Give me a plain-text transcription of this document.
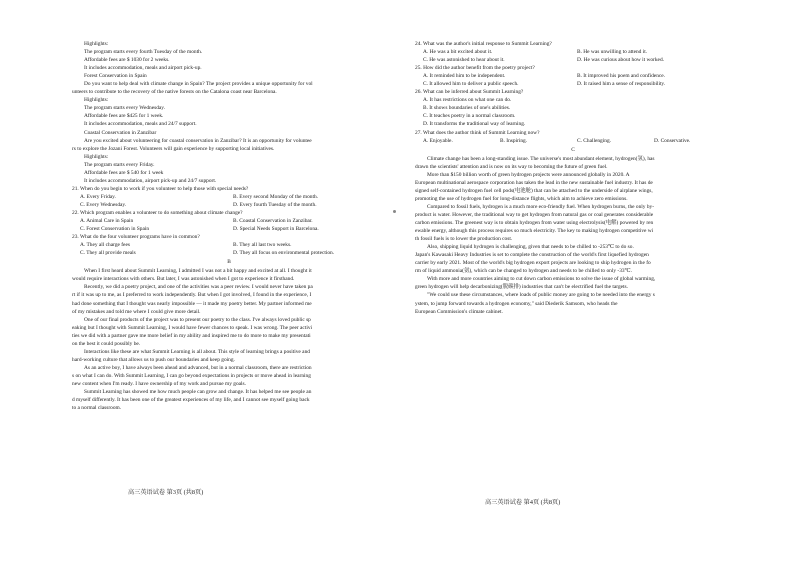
Highlights:
The program starts every fourth Tuesday of the month.
Affordable fees are $ 1030 for 2 weeks.
It includes accommodation, meals and airport pick-up.
Forest Conservation in Spain
Do you want to help deal with climate change in Spain? The project provides a unique opportunity for vol
unteers to contribute to the recovery of the native forests on the Catalona coast near Barcelona.
Highlights:
The program starts every Wednesday.
Affordable fees are $425 for 1 week.
It includes accommodation, meals and 24/7 support.
Coastal Conservation in Zanzibar
Are you excited about volunteering for coastal conservation in Zanzibar? It is an opportunity for voluntee
rs to explore the Jozani Forest. Volunteers will gain experience by supporting local initiatives.
Highlights:
The program starts every Friday.
Affordable fees are $ 540 for 1 week
It includes accommodation, airport pick-up and 24/7 support.
21. When do you begin to work if you volunteer to help those with special needs?
A. Every Friday.	B. Every second Monday of the month.
C. Every Wednesday.	D. Every fourth Tuesday of the month.
22. Which program enables a volunteer to do something about climate change?
A. Animal Care in Spain	B. Coastal Conservation in Zanzibar.
C. Forest Conservation in Spain	D. Special Needs Support in Barcelona.
23. What do the four volunteer programs have in common?
A. They all charge fees	B. They all last two weeks.
C. They all provide meals	D. They all focus on environmental protection.
B
When I first heard about Summit Learning, I admitted I was not a bit happy and excited at all. I thought it
would require interactions with others. But later, I was astonished when I got to experience it firsthand.
Recently, we did a poetry project, and one of the activities was a peer review. I would never have taken pa
rt if it was up to me, as I preferred to work independently. But when I got involved, I found in the experience, I
had done something that I thought was nearly impossible — it made my poetry better. My partner informed me
of my mistakes and told me where I could give more detail.
One of our final products of the project was to present our poetry to the class. I've always loved public sp
eaking but I thought with Summit Learning, I would have fewer chances to speak. I was wrong. The peer activi
ties we did with a partner gave me more belief in my ability and inspired me to do more to make my presentati
on the best it could possibly be.
Interactions like these are what Summit Learning is all about. This style of learning brings a positive and
hard-working culture that allows us to push our boundaries and keep going.
As an active boy, I have always been ahead and advanced, but in a normal classroom, there are restriction
s on what I can do. With Summit Learning, I can go beyond expectations in projects or move ahead in learning
new content when I'm ready. I have ownership of my work and pursue my goals.
Summit Learning has showed me how much people can grow and change. It has helped me see people an
d myself differently. It has been one of the greatest experiences of my life, and I cannot see myself going back
to a normal classroom.
高三英语试卷 第3页 (共8页)
24. What was the author's initial response to Summit Learning?
A. He was a bit excited about it.	B. He was unwilling to attend it.
C. He was astonished to hear about it.	D. He was curious about how it worked.
25. How did the author benefit from the poetry project?
A. It reminded him to be independent.	B. It improved his poem and confidence.
C. It allowed him to deliver a public speech.	D. It raised him a sense of responsibility.
26. What can be inferred about Summit Learning?
A. It has restrictions on what one can do.
B. It shows boundaries of one's abilities.
C. It teaches poetry in a normal classroom.
D. It transforms the traditional way of learning.
27. What does the author think of Summit Learning now?
A. Enjoyable.	B. Inspiring.	C. Challenging.	D. Conservative.
C
Climate change has been a long-standing issue. The universe's most abundant element, hydrogen(氢), has
drawn the scientists' attention and is now on its way to becoming the future of green fuel.
More than $150 billion worth of green hydrogen projects were announced globally in 2020. A
European multinational aerospace corporation has taken the lead in the new sustainable fuel industry. It has de
signed self-contained hydrogen fuel cell pods(电池舱) that can be attached to the underside of airplane wings,
promoting the use of hydrogen fuel for long-distance flights, which aim to achieve zero emissions.
Compared to fossil fuels, hydrogen is a much more eco-friendly fuel. When hydrogen burns, the only by-
product is water. However, the traditional way to get hydrogen from natural gas or coal generates considerable
carbon emissions. The greenest way is to obtain hydrogen from water using electrolysis(电解) powered by ren
ewable energy, although this process requires so much electricity. The key to making hydrogen competitive wi
th fossil fuels is to lower the production cost.
Also, shipping liquid hydrogen is challenging, given that needs to be chilled to -253℃ to do so.
Japan's Kawasaki Heavy Industries is set to complete the construction of the world's first liquefied hydrogen
carrier by early 2021. Most of the world's big hydrogen export projects are looking to ship hydrogen in the fo
rm of liquid ammonia(氨), which can be changed to hydrogen and needs to be chilled to only -33℃.
With more and more countries aiming to cut down carbon emissions to solve the issue of global warming,
green hydrogen will help decarbonizing(脱碳排) industries that can't be electrified fuel the targets.
"We could use these circumstances, where loads of public money are going to be needed into the energy s
ystem, to jump forward towards a hydrogen economy," said Diederik Samsom, who heads the
European Commission's climate cabinet.
高三英语试卷 第4页 (共8页)
